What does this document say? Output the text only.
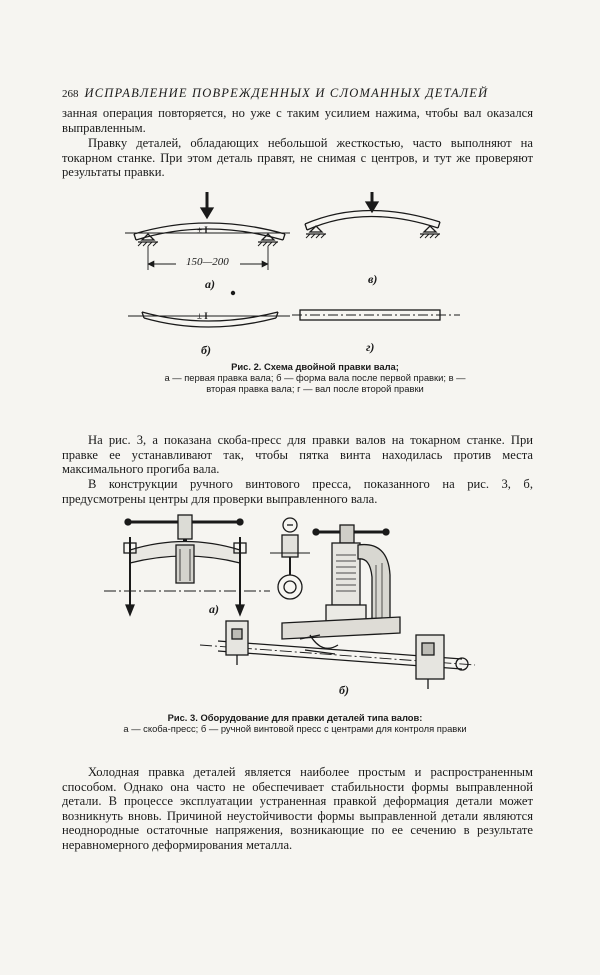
268 ИСПРАВЛЕНИЕ ПОВРЕЖДЕННЫХ И СЛОМАННЫХ ДЕТАЛЕЙ

занная операция повторяется, но уже с таким усилием нажима, чтобы вал оказался выправленным.

Правку деталей, обладающих небольшой жесткостью, часто выполняют на токарном станке. При этом деталь правят, не снимая с центров, и тут же проверяют результаты правки.

± I
± I
150—200
а)	в)
б)	г)
Рис. 2. Схема двойной правки вала;
а — первая правка вала; б — форма вала после первой правки; в — вторая правка вала; г — вал после второй правки

На рис. 3, а показана скоба-пресс для правки валов на токарном станке. При правке ее устанавливают так, чтобы пятка винта находилась против места максимального прогиба вала.

В конструкции ручного винтового пресса, показанного на рис. 3, б, предусмотрены центры для проверки выправленного вала.

а)
б)
Рис. 3. Оборудование для правки деталей типа валов:
а — скоба-пресс; б — ручной винтовой пресс с центрами для контроля правки

Холодная правка деталей является наиболее простым и распространенным способом. Однако она часто не обеспечивает стабильности формы выправленной детали. В процессе эксплуатации устраненная правкой деформация детали может возникнуть вновь. Причиной неустойчивости формы выправленной детали являются неоднородные остаточные напряжения, возникающие по ее сечению в результате неравномерного деформирования металла.
